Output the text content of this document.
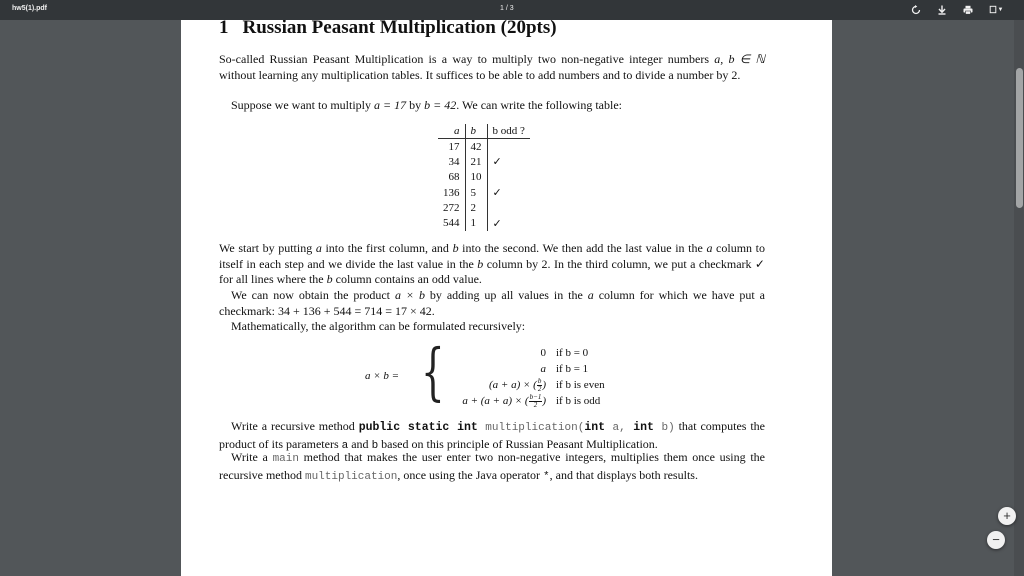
hw5(1).pdf	1 / 3	▼
1 Russian Peasant Multiplication (20pts)
So-called Russian Peasant Multiplication is a way to multiply two non-negative integer numbers a, b ∈ ℕ without learning any multiplication tables. It suffices to be able to add numbers and to divide a number by 2.
Suppose we want to multiply a = 17 by b = 42. We can write the following table:
a	b	b odd ?
17	42	
34	21	✓
68	10	
136	5	✓
272	2	
544	1	✓
We start by putting a into the first column, and b into the second. We then add the last value in the a column to itself in each step and we divide the last value in the b column by 2. In the third column, we put a checkmark ✓ for all lines where the b column contains an odd value.
We can now obtain the product a × b by adding up all values in the a column for which we have put a checkmark: 34 + 136 + 544 = 714 = 17 × 42.
Mathematically, the algorithm can be formulated recursively:
a × b = {	0 if b = 0
a if b = 1
(a + a) × ( $\frac{b}{2}$ ) if b is even
a + (a + a) × ( $\frac{b-1}{2}$ ) if b is odd
Write a recursive method public static int multiplication(int a, int b) that computes the product of its parameters a and b based on this principle of Russian Peasant Multiplication.
Write a main method that makes the user enter two non-negative integers, multiplies them once using the recursive method multiplication, once using the Java operator *, and that displays both results.
+
−
